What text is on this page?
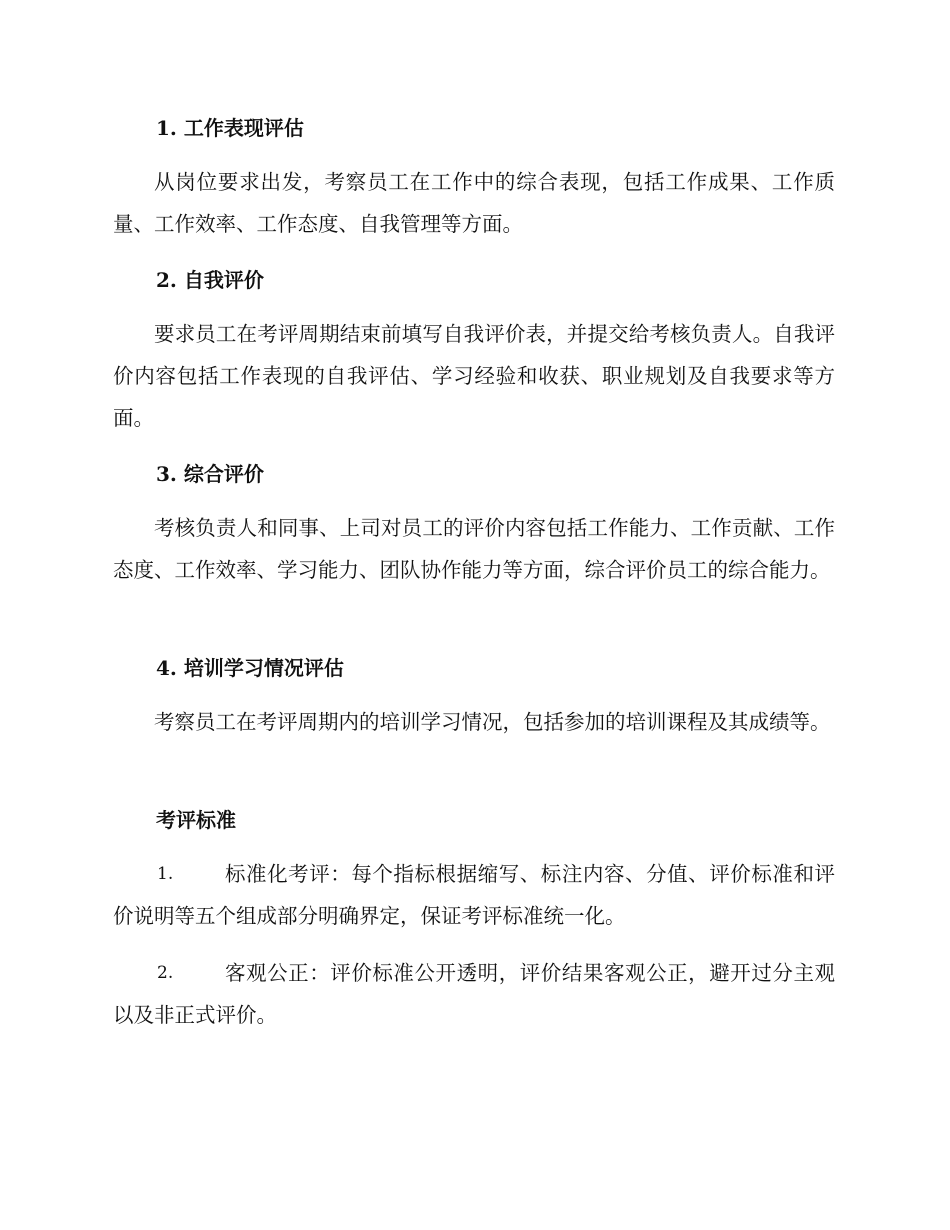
1. 工作表现评估
从岗位要求出发，考察员工在工作中的综合表现，包括工作成果、工作质量、工作效率、工作态度、自我管理等方面。
2. 自我评价
要求员工在考评周期结束前填写自我评价表，并提交给考核负责人。自我评价内容包括工作表现的自我评估、学习经验和收获、职业规划及自我要求等方面。
3. 综合评价
考核负责人和同事、上司对员工的评价内容包括工作能力、工作贡献、工作态度、工作效率、学习能力、团队协作能力等方面，综合评价员工的综合能力。
4. 培训学习情况评估
考察员工在考评周期内的培训学习情况，包括参加的培训课程及其成绩等。
考评标准
1.	标准化考评：每个指标根据缩写、标注内容、分值、评价标准和评价说明等五个组成部分明确界定，保证考评标准统一化。
2.	客观公正：评价标准公开透明，评价结果客观公正，避开过分主观以及非正式评价。
